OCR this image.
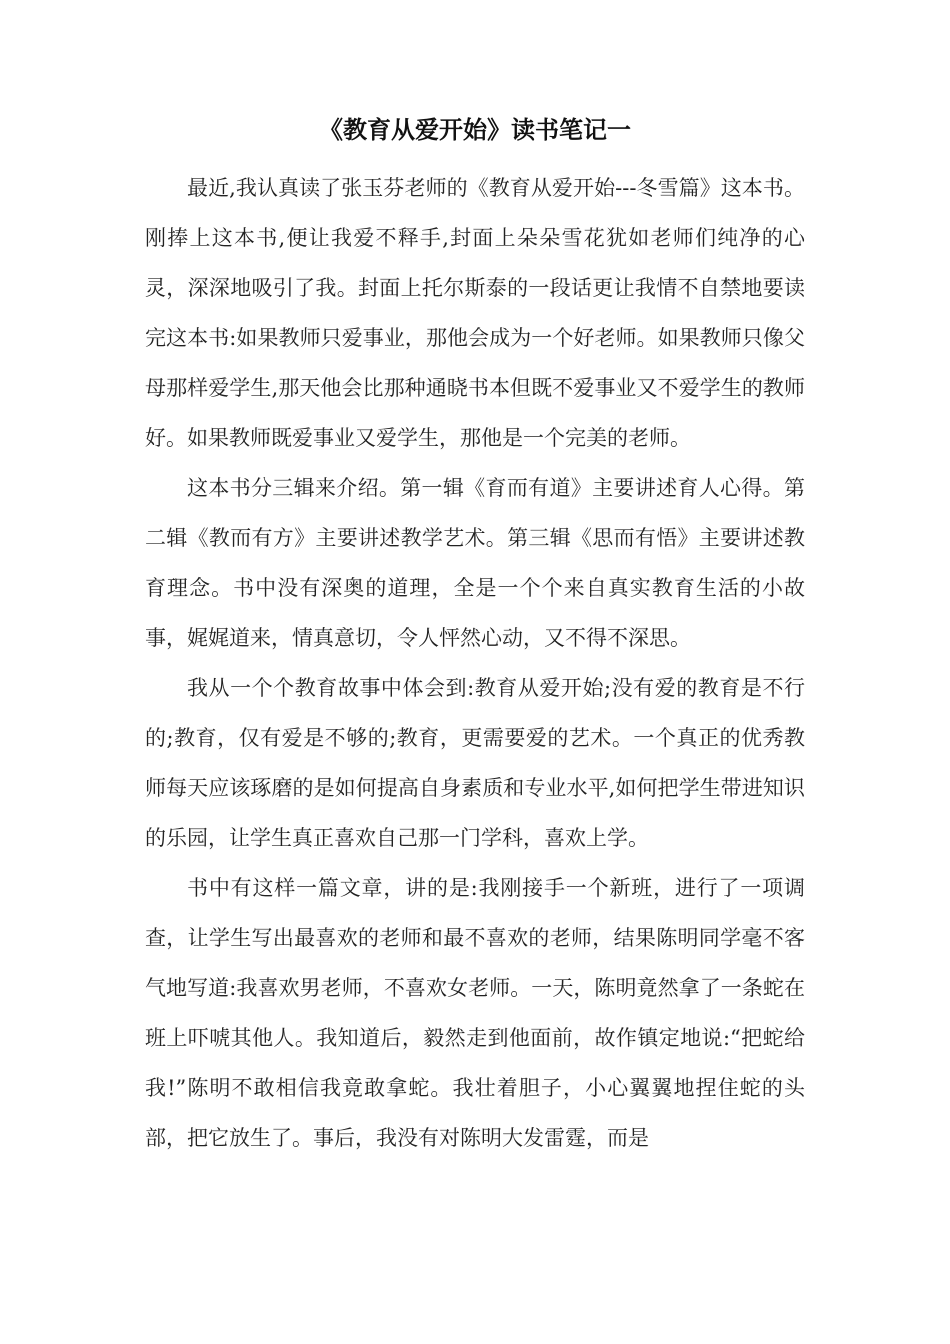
《教育从爱开始》读书笔记一

最近,我认真读了张玉芬老师的《教育从爱开始---冬雪篇》这本书。刚捧上这本书,便让我爱不释手,封面上朵朵雪花犹如老师们纯净的心灵，深深地吸引了我。封面上托尔斯泰的一段话更让我情不自禁地要读完这本书:如果教师只爱事业，那他会成为一个好老师。如果教师只像父母那样爱学生,那天他会比那种通晓书本但既不爱事业又不爱学生的教师好。如果教师既爱事业又爱学生，那他是一个完美的老师。

这本书分三辑来介绍。第一辑《育而有道》主要讲述育人心得。第二辑《教而有方》主要讲述教学艺术。第三辑《思而有悟》主要讲述教育理念。书中没有深奥的道理，全是一个个来自真实教育生活的小故事，娓娓道来，情真意切，令人怦然心动，又不得不深思。

我从一个个教育故事中体会到:教育从爱开始;没有爱的教育是不行的;教育，仅有爱是不够的;教育，更需要爱的艺术。一个真正的优秀教师每天应该琢磨的是如何提高自身素质和专业水平,如何把学生带进知识的乐园，让学生真正喜欢自己那一门学科，喜欢上学。

书中有这样一篇文章，讲的是:我刚接手一个新班，进行了一项调查，让学生写出最喜欢的老师和最不喜欢的老师，结果陈明同学毫不客气地写道:我喜欢男老师，不喜欢女老师。一天，陈明竟然拿了一条蛇在班上吓唬其他人。我知道后，毅然走到他面前，故作镇定地说:“把蛇给我!”陈明不敢相信我竟敢拿蛇。我壮着胆子，小心翼翼地捏住蛇的头部，把它放生了。事后，我没有对陈明大发雷霆，而是
